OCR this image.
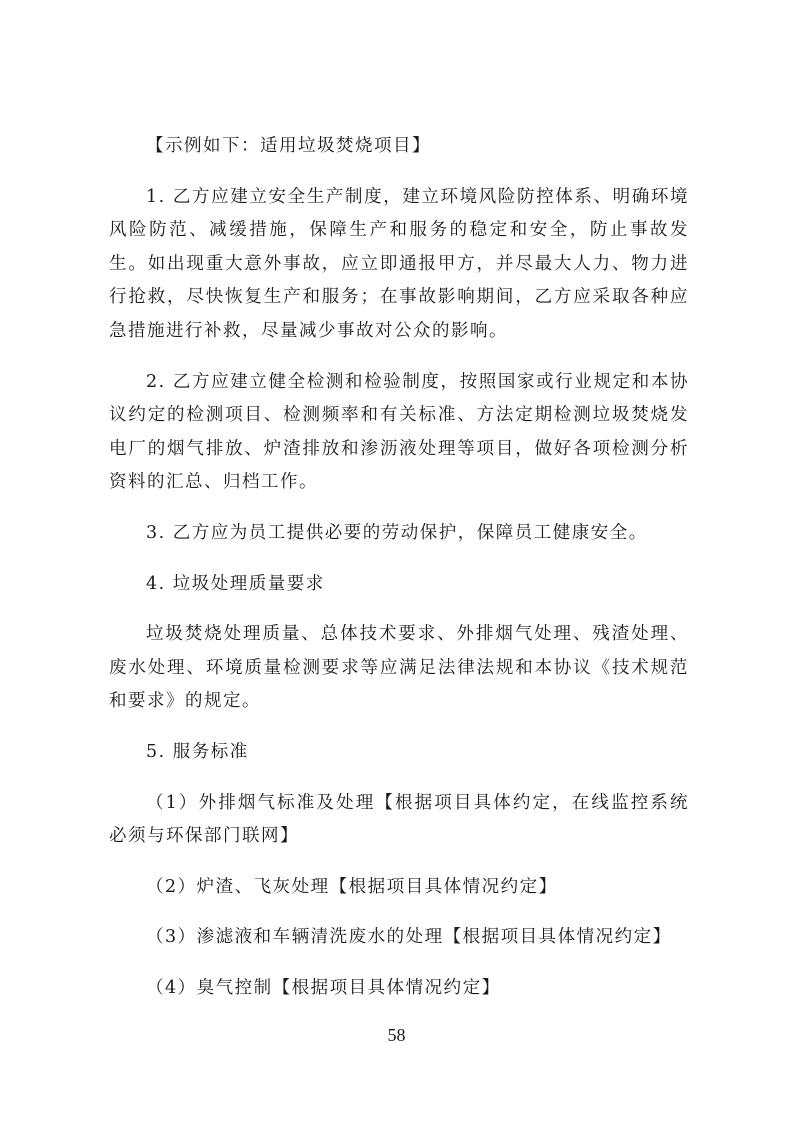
【示例如下：适用垃圾焚烧项目】

1. 乙方应建立安全生产制度，建立环境风险防控体系、明确环境风险防范、减缓措施，保障生产和服务的稳定和安全，防止事故发生。如出现重大意外事故，应立即通报甲方，并尽最大人力、物力进行抢救，尽快恢复生产和服务；在事故影响期间，乙方应采取各种应急措施进行补救，尽量减少事故对公众的影响。

2. 乙方应建立健全检测和检验制度，按照国家或行业规定和本协议约定的检测项目、检测频率和有关标准、方法定期检测垃圾焚烧发电厂的烟气排放、炉渣排放和渗沥液处理等项目，做好各项检测分析资料的汇总、归档工作。

3. 乙方应为员工提供必要的劳动保护，保障员工健康安全。

4. 垃圾处理质量要求

垃圾焚烧处理质量、总体技术要求、外排烟气处理、残渣处理、废水处理、环境质量检测要求等应满足法律法规和本协议《技术规范和要求》的规定。

5. 服务标准

（1）外排烟气标准及处理【根据项目具体约定，在线监控系统必须与环保部门联网】

（2）炉渣、飞灰处理【根据项目具体情况约定】

（3）渗滤液和车辆清洗废水的处理【根据项目具体情况约定】

（4）臭气控制【根据项目具体情况约定】

58
